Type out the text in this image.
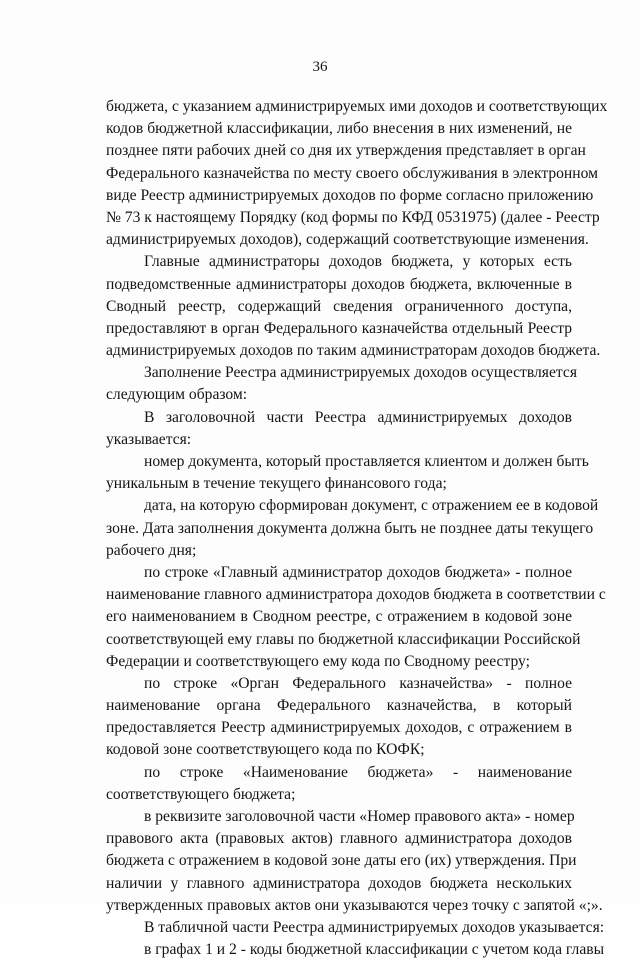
36
бюджета, с указанием администрируемых ими доходов и соответствующих
кодов бюджетной классификации, либо внесения в них изменений, не
позднее пяти рабочих дней со дня их утверждения представляет в орган
Федерального казначейства по месту своего обслуживания в электронном
виде Реестр администрируемых доходов по форме согласно приложению
№ 73 к настоящему Порядку (код формы по КФД 0531975) (далее - Реестр
администрируемых доходов), содержащий соответствующие изменения.
Главные администраторы доходов бюджета, у которых есть
подведомственные администраторы доходов бюджета, включенные в
Сводный реестр, содержащий сведения ограниченного доступа,
предоставляют в орган Федерального казначейства отдельный Реестр
администрируемых доходов по таким администраторам доходов бюджета.
Заполнение Реестра администрируемых доходов осуществляется
следующим образом:
В заголовочной части Реестра администрируемых доходов
указывается:
номер документа, который проставляется клиентом и должен быть
уникальным в течение текущего финансового года;
дата, на которую сформирован документ, с отражением ее в кодовой
зоне. Дата заполнения документа должна быть не позднее даты текущего
рабочего дня;
по строке «Главный администратор доходов бюджета» - полное
наименование главного администратора доходов бюджета в соответствии с
его наименованием в Сводном реестре, с отражением в кодовой зоне
соответствующей ему главы по бюджетной классификации Российской
Федерации и соответствующего ему кода по Сводному реестру;
по строке «Орган Федерального казначейства» - полное
наименование органа Федерального казначейства, в который
предоставляется Реестр администрируемых доходов, с отражением в
кодовой зоне соответствующего кода по КОФК;
по строке «Наименование бюджета» - наименование
соответствующего бюджета;
в реквизите заголовочной части «Номер правового акта» - номер
правового акта (правовых актов) главного администратора доходов
бюджета с отражением в кодовой зоне даты его (их) утверждения. При
наличии у главного администратора доходов бюджета нескольких
утвержденных правовых актов они указываются через точку с запятой «;».
В табличной части Реестра администрируемых доходов указывается:
в графах 1 и 2 - коды бюджетной классификации с учетом кода главы
